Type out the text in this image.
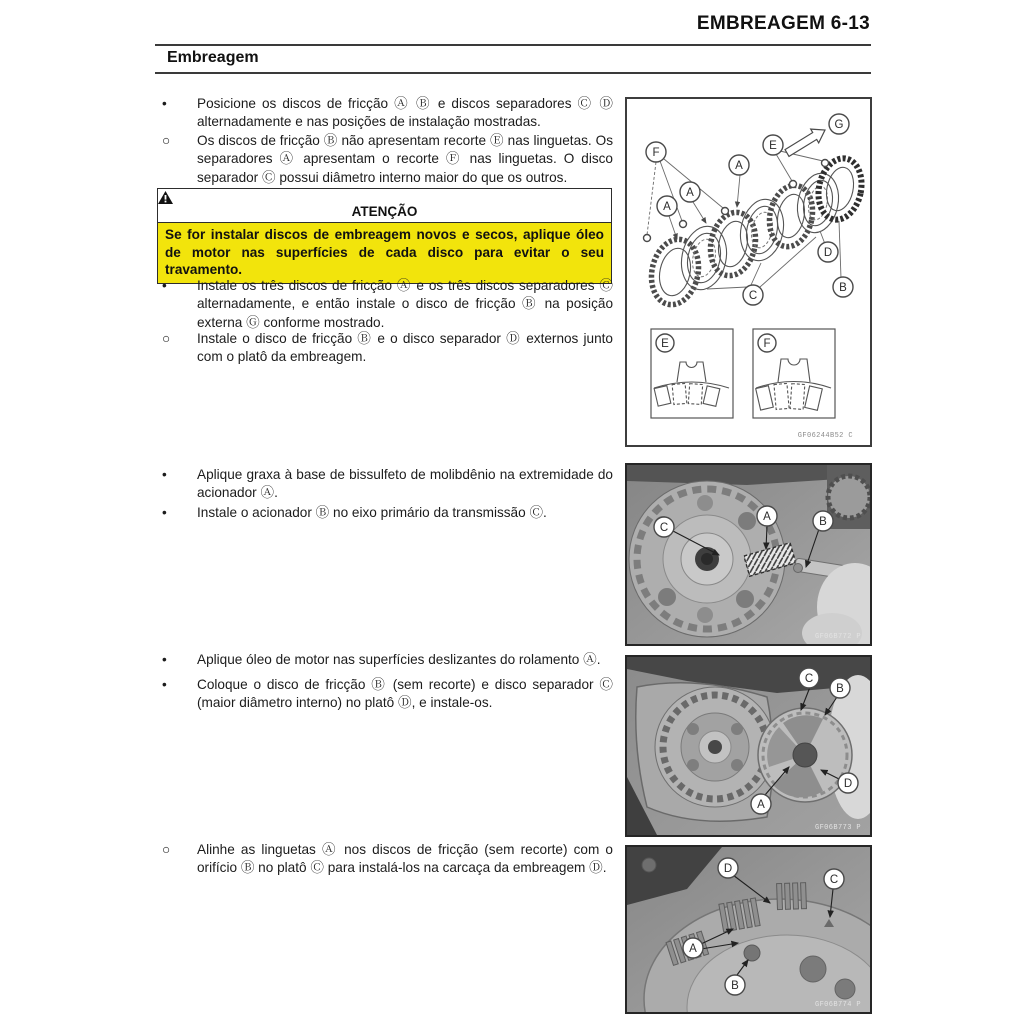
EMBREAGEM 6-13
Embreagem
•	Posicione os discos de fricção Ⓐ Ⓑ e discos separadores Ⓒ Ⓓ alternadamente e nas posições de instalação mostradas.
○	Os discos de fricção Ⓑ não apresentam recorte Ⓔ nas linguetas. Os separadores Ⓐ apresentam o recorte Ⓕ nas linguetas. O disco separador Ⓒ possui diâmetro interno maior do que os outros.
ATENÇÃO
Se for instalar discos de embreagem novos e secos, aplique óleo de motor nas superfícies de cada disco para evitar o seu travamento.
•	Instale os três discos de fricção Ⓐ e os três discos separadores Ⓒ alternadamente, e então instale o disco de fricção Ⓑ na posição externa Ⓖ conforme mostrado.
○	Instale o disco de fricção Ⓑ e o disco separador Ⓓ externos junto com o platô da embreagem.
•	Aplique graxa à base de bissulfeto de molibdênio na extremidade do acionador Ⓐ.
•	Instale o acionador Ⓑ no eixo primário da transmissão Ⓒ.
•	Aplique óleo de motor nas superfícies deslizantes do rolamento Ⓐ.
•	Coloque o disco de fricção Ⓑ (sem recorte) e disco separador Ⓒ (maior diâmetro interno) no platô Ⓓ, e instale-os.
○	Alinhe as linguetas Ⓐ nos discos de fricção (sem recorte) com o orifício Ⓑ no platô Ⓒ para instalá-los na carcaça da embreagem Ⓓ.
F
E
G
A
A
A
C
D
B
E	F
GF06244B52 C
C
A	B
GF06B772 P
C
B
A
D
GF06B773 P
D
C
A
B
GF06B774 P
